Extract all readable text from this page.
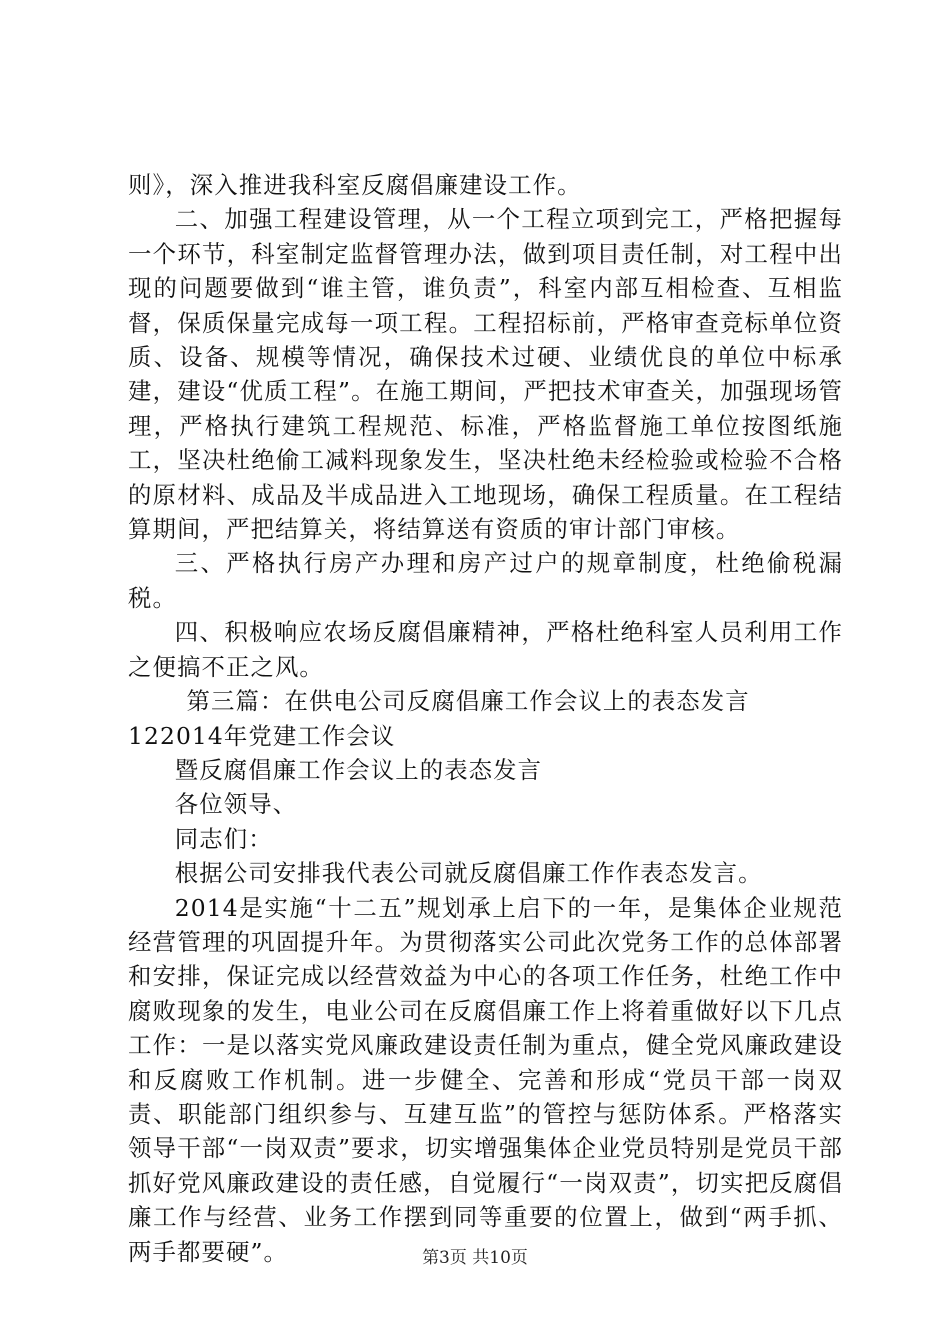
则》，深入推进我科室反腐倡廉建设工作。

二、加强工程建设管理，从一个工程立项到完工，严格把握每一个环节，科室制定监督管理办法，做到项目责任制，对工程中出现的问题要做到“谁主管，谁负责”，科室内部互相检查、互相监督，保质保量完成每一项工程。工程招标前，严格审查竞标单位资质、设备、规模等情况，确保技术过硬、业绩优良的单位中标承建，建设“优质工程”。在施工期间，严把技术审查关，加强现场管理，严格执行建筑工程规范、标准，严格监督施工单位按图纸施工，坚决杜绝偷工减料现象发生，坚决杜绝未经检验或检验不合格的原材料、成品及半成品进入工地现场，确保工程质量。在工程结算期间，严把结算关，将结算送有资质的审计部门审核。

三、严格执行房产办理和房产过户的规章制度，杜绝偷税漏税。

四、积极响应农场反腐倡廉精神，严格杜绝科室人员利用工作之便搞不正之风。

第三篇：在供电公司反腐倡廉工作会议上的表态发言

122014年党建工作会议

暨反腐倡廉工作会议上的表态发言

各位领导、

同志们：

根据公司安排我代表公司就反腐倡廉工作作表态发言。

2014是实施“十二五”规划承上启下的一年，是集体企业规范经营管理的巩固提升年。为贯彻落实公司此次党务工作的总体部署和安排，保证完成以经营效益为中心的各项工作任务，杜绝工作中腐败现象的发生，电业公司在反腐倡廉工作上将着重做好以下几点工作：一是以落实党风廉政建设责任制为重点，健全党风廉政建设和反腐败工作机制。进一步健全、完善和形成“党员干部一岗双责、职能部门组织参与、互建互监”的管控与惩防体系。严格落实领导干部“一岗双责”要求，切实增强集体企业党员特别是党员干部抓好党风廉政建设的责任感，自觉履行“一岗双责”，切实把反腐倡廉工作与经营、业务工作摆到同等重要的位置上，做到“两手抓、两手都要硬”。	第3页 共10页
